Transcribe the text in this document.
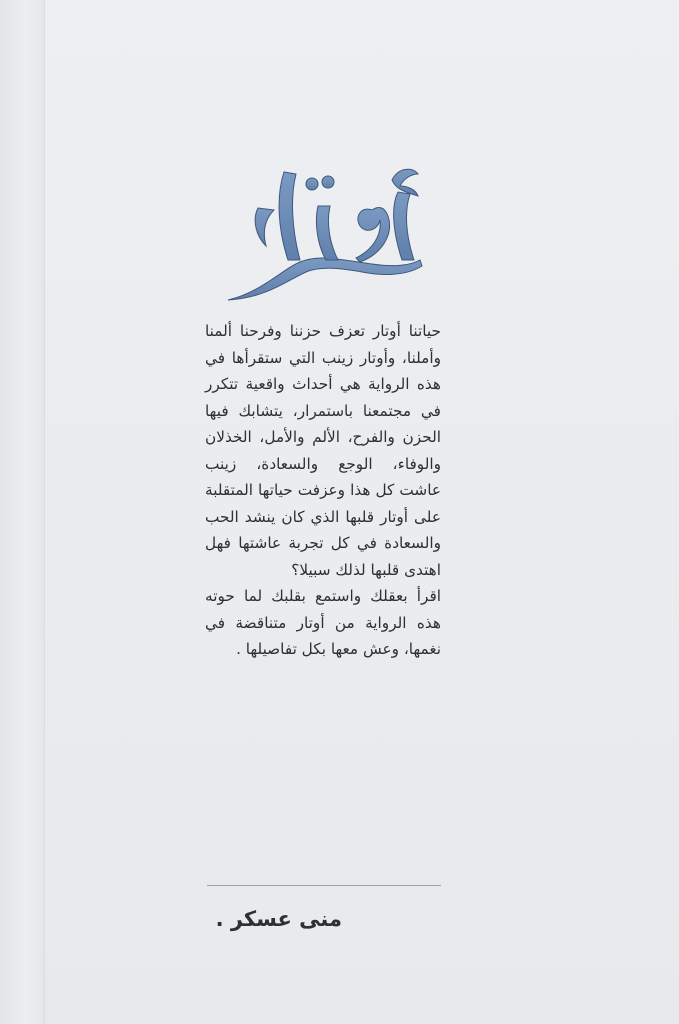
حياتنا أوتار تعزف حزننا وفرحنا ألمنا وأملنا، وأوتار زينب التي ستقرأها في هذه الرواية هي أحداث واقعية تتكرر في مجتمعنا باستمرار، يتشابك فيها الحزن والفرح، الألم والأمل، الخذلان والوفاء، الوجع والسعادة، زينب عاشت كل هذا وعزفت حياتها المتقلبة على أوتار قلبها الذي كان ينشد الحب والسعادة في كل تجربة عاشتها فهل اهتدى قلبها لذلك سبيلا؟

اقرأ بعقلك واستمع بقلبك لما حوته هذه الرواية من أوتار متناقضة في نغمها، وعش معها بكل تفاصيلها .

منى عسكر .
